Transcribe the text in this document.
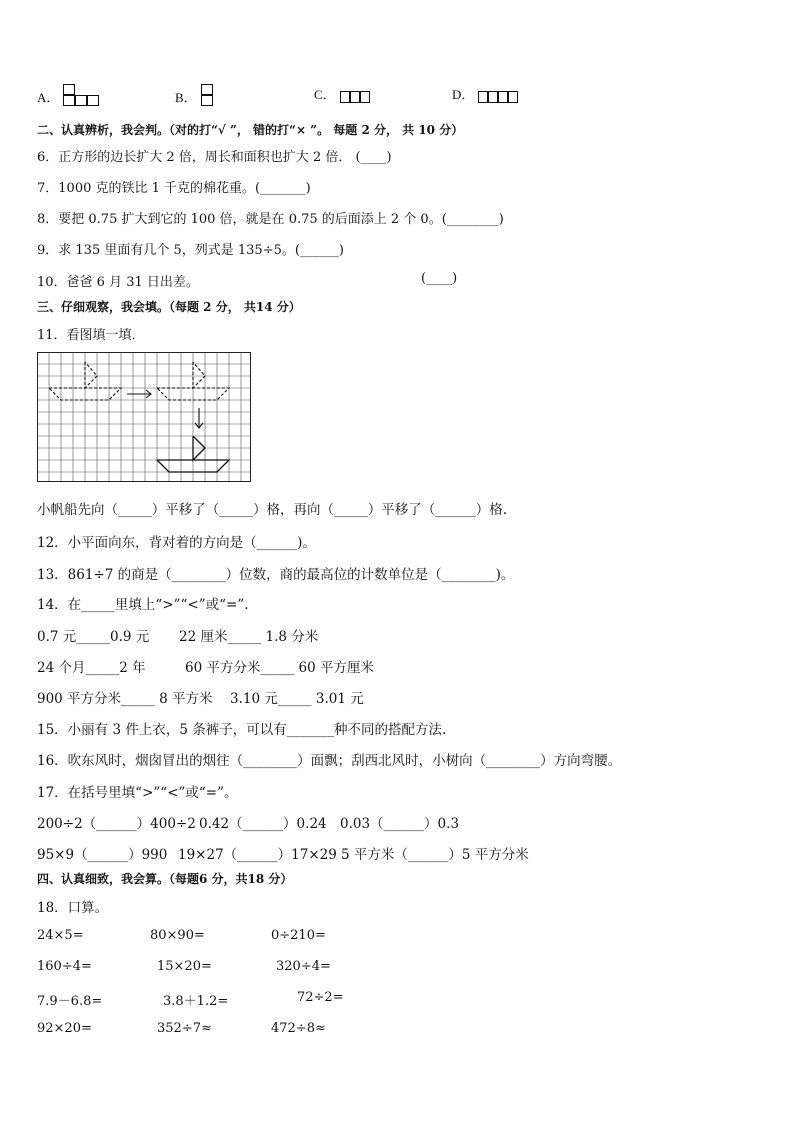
A．	B．	C．	D．
二、认真辨析，我会判。（对的打“√ ”， 错的打“× ”。 每题 2 分， 共 10 分）
6．正方形的边长扩大 2 倍，周长和面积也扩大 2 倍． (____)
7．1000 克的铁比 1 千克的棉花重。(_______)
8．要把 0.75 扩大到它的 100 倍，就是在 0.75 的后面添上 2 个 0。(________)
9．求 135 里面有几个 5，列式是 135÷5。(______)
10．爸爸 6 月 31 日出差。	(____)
三、仔细观察，我会填。（每题 2 分， 共14 分）
11．看图填一填．
小帆船先向（_____）平移了（_____）格，再向（_____）平移了（______）格.
12．小平面向东，背对着的方向是（______)。
13．861÷7 的商是（________）位数，商的最高位的计数单位是（________)。
14．在_____里填上“>”“<”或“=”.
0.7 元_____0.9 元 22 厘米_____ 1.8 分米
24 个月_____2 年	60 平方分米_____ 60 平方厘米
900 平方分米_____ 8 平方米 3.10 元_____ 3.01 元
15．小丽有 3 件上衣，5 条裤子，可以有_______种不同的搭配方法.
16．吹东风时，烟囱冒出的烟往（________）面飘；刮西北风时，小树向（________）方向弯腰。
17．在括号里填“>”“<”或“=”。
200÷2（______）400÷2 0.42（______）0.24 0.03（______）0.3
95×9（______）990 19×27（______）17×29 5 平方米（______）5 平方分米
四、认真细致，我会算。（每题6 分，共18 分）
18．口算。
24×5=	80×90=	0÷210=
160÷4=	15×20=	320÷4=
7.9－6.8=	3.8＋1.2=	72÷2=
92×20=	352÷7≈	472÷8≈
